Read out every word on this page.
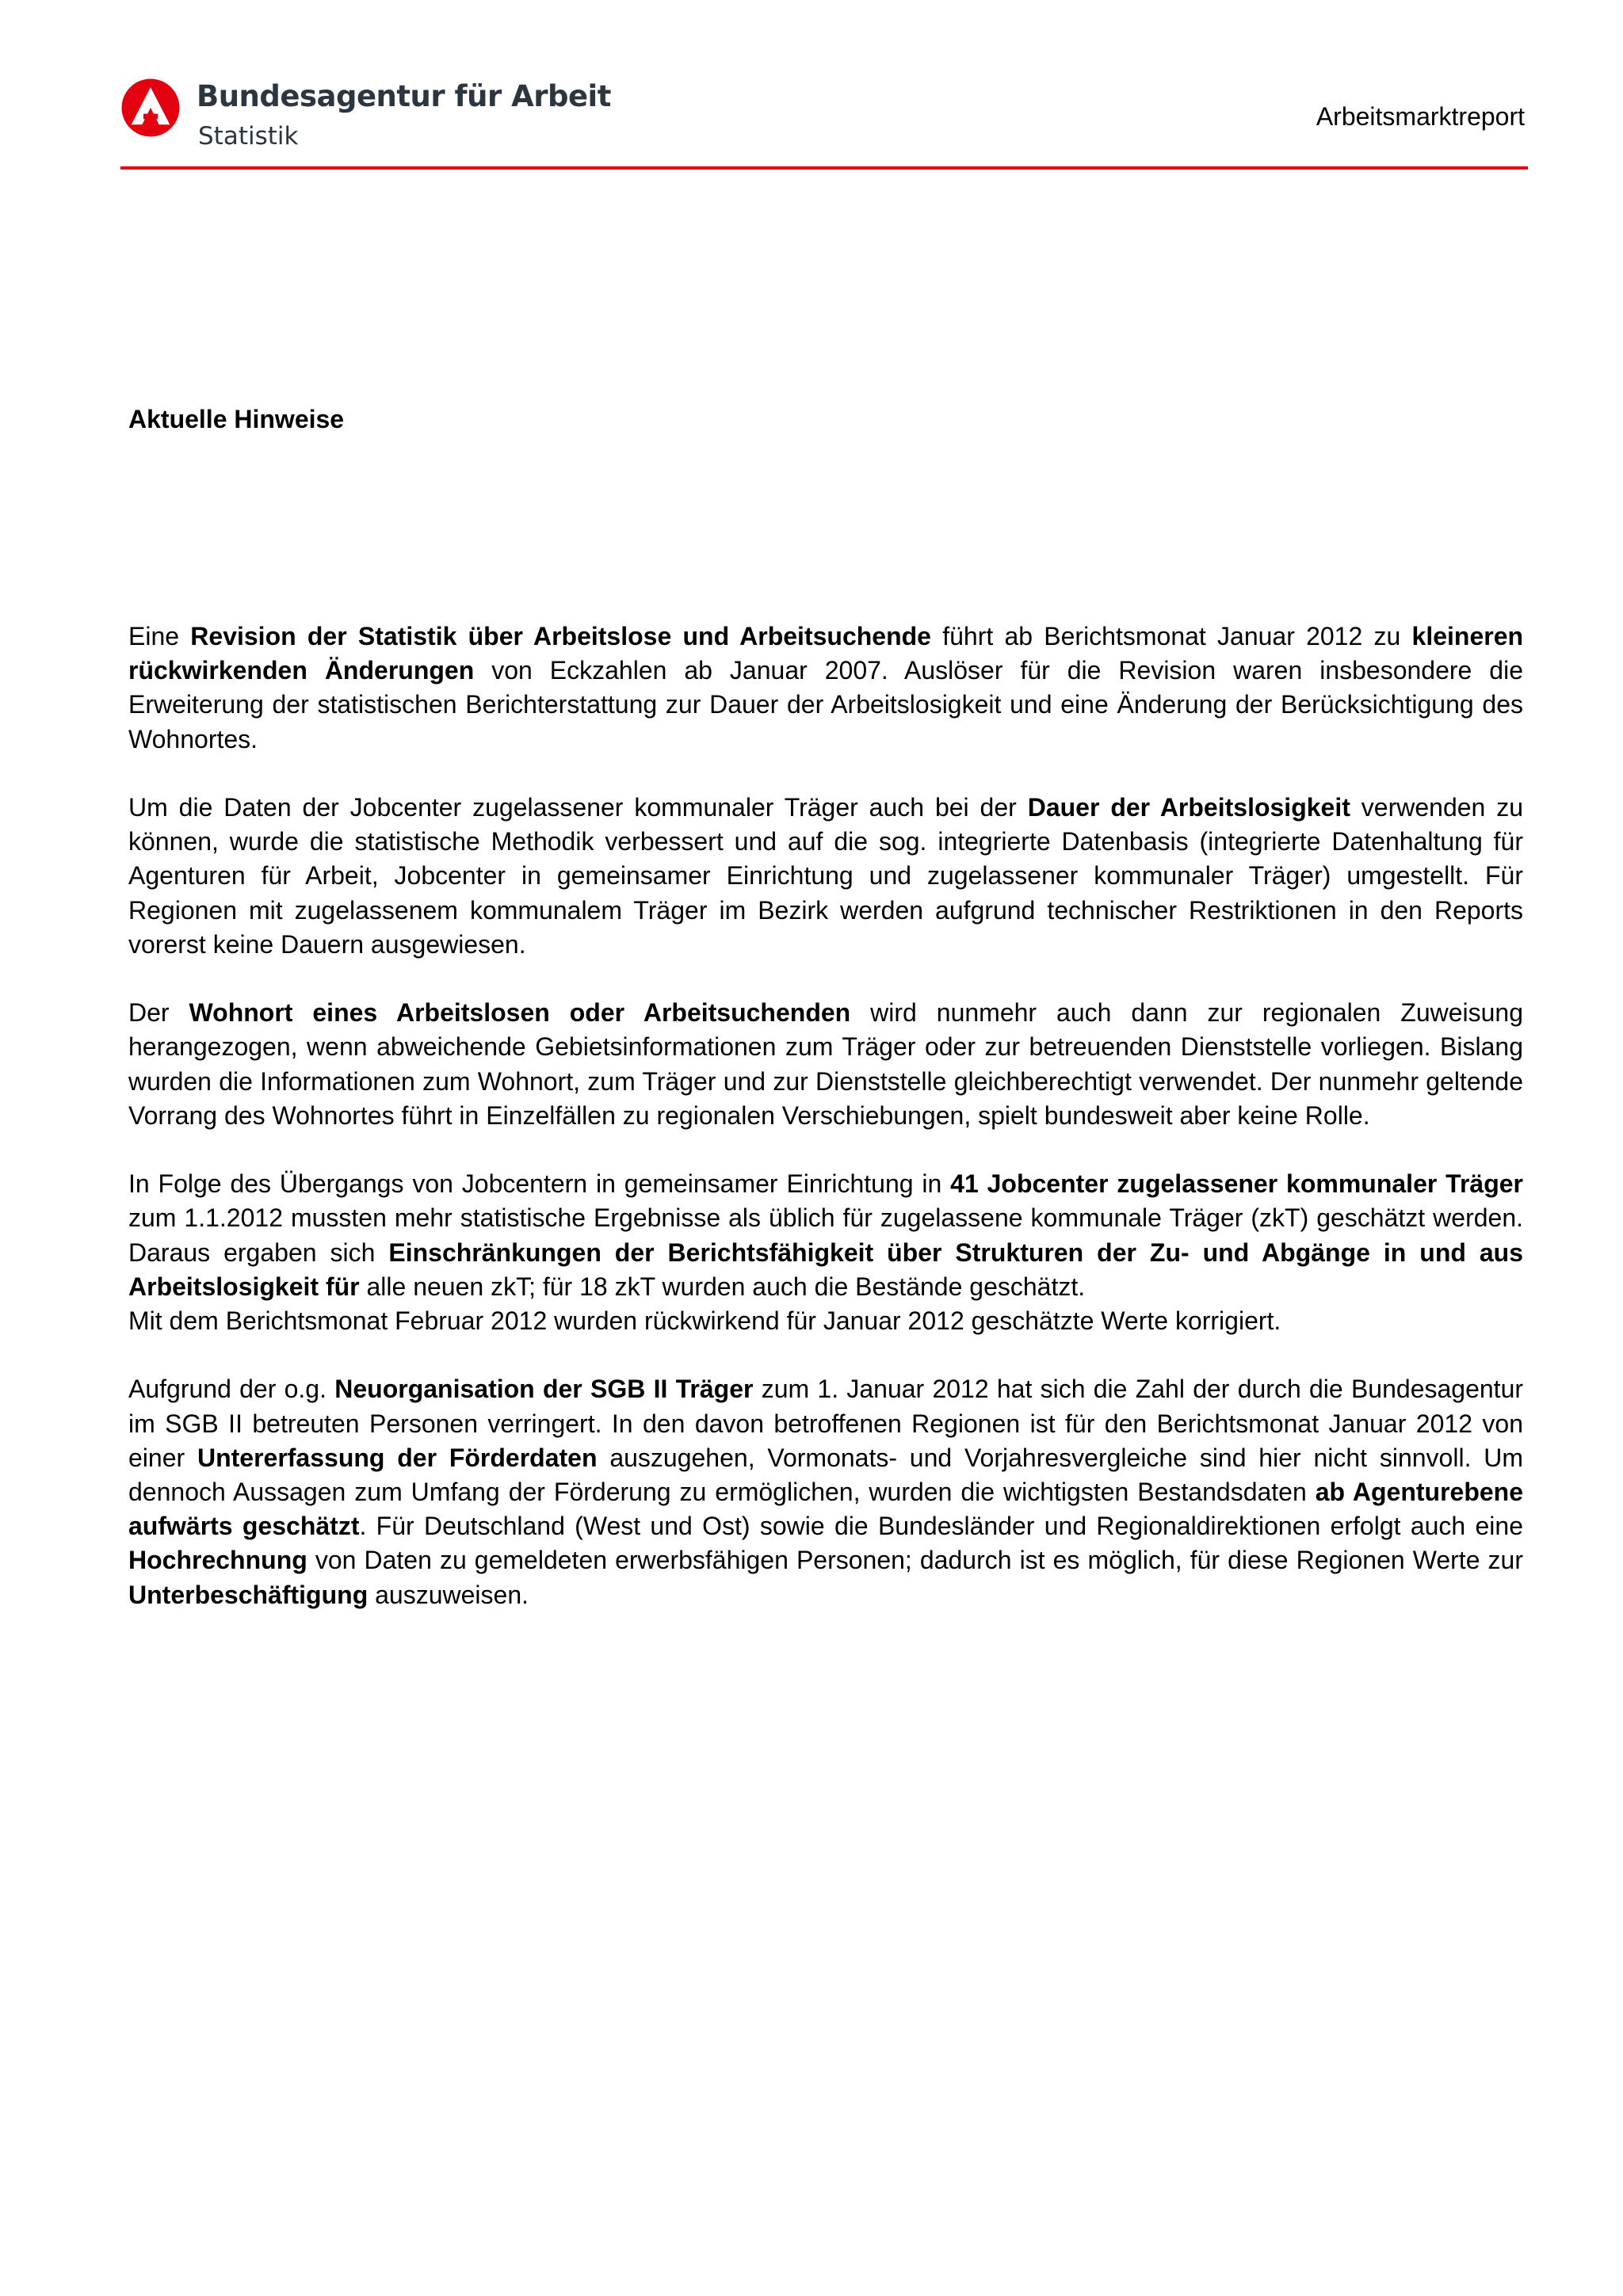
Bundesagentur für Arbeit
Statistik
Arbeitsmarktreport
Aktuelle Hinweise

Eine Revision der Statistik über Arbeitslose und Arbeitsuchende führt ab Berichtsmonat Januar 2012 zu kleineren rückwirkenden Änderungen von Eckzahlen ab Januar 2007. Auslöser für die Revision waren insbesondere die Erweiterung der statistischen Berichterstattung zur Dauer der Arbeitslosigkeit und eine Änderung der Berücksichtigung des Wohnortes.

Um die Daten der Jobcenter zugelassener kommunaler Träger auch bei der Dauer der Arbeitslosigkeit verwenden zu können, wurde die statistische Methodik verbessert und auf die sog. integrierte Datenbasis (integrierte Datenhaltung für Agenturen für Arbeit, Jobcenter in gemeinsamer Einrichtung und zugelassener kommunaler Träger) umgestellt. Für Regionen mit zugelassenem kommunalem Träger im Bezirk werden aufgrund technischer Restriktionen in den Reports vorerst keine Dauern ausgewiesen.

Der Wohnort eines Arbeitslosen oder Arbeitsuchenden wird nunmehr auch dann zur regionalen Zuweisung herangezogen, wenn abweichende Gebietsinformationen zum Träger oder zur betreuenden Dienststelle vorliegen. Bislang wurden die Informationen zum Wohnort, zum Träger und zur Dienststelle gleichberechtigt verwendet. Der nunmehr geltende Vorrang des Wohnortes führt in Einzelfällen zu regionalen Verschiebungen, spielt bundesweit aber keine Rolle.

In Folge des Übergangs von Jobcentern in gemeinsamer Einrichtung in 41 Jobcenter zugelassener kommunaler Träger zum 1.1.2012 mussten mehr statistische Ergebnisse als üblich für zugelassene kommunale Träger (zkT) geschätzt werden. Daraus ergaben sich Einschränkungen der Berichtsfähigkeit über Strukturen der Zu- und Abgänge in und aus Arbeitslosigkeit für alle neuen zkT; für 18 zkT wurden auch die Bestände geschätzt.
Mit dem Berichtsmonat Februar 2012 wurden rückwirkend für Januar 2012 geschätzte Werte korrigiert.

Aufgrund der o.g. Neuorganisation der SGB II Träger zum 1. Januar 2012 hat sich die Zahl der durch die Bundesagentur im SGB II betreuten Personen verringert. In den davon betroffenen Regionen ist für den Berichtsmonat Januar 2012 von einer Untererfassung der Förderdaten auszugehen, Vormonats- und Vorjahresvergleiche sind hier nicht sinnvoll. Um dennoch Aussagen zum Umfang der Förderung zu ermöglichen, wurden die wichtigsten Bestandsdaten ab Agenturebene aufwärts geschätzt. Für Deutschland (West und Ost) sowie die Bundesländer und Regionaldirektionen erfolgt auch eine Hochrechnung von Daten zu gemeldeten erwerbsfähigen Personen; dadurch ist es möglich, für diese Regionen Werte zur Unterbeschäftigung auszuweisen.
